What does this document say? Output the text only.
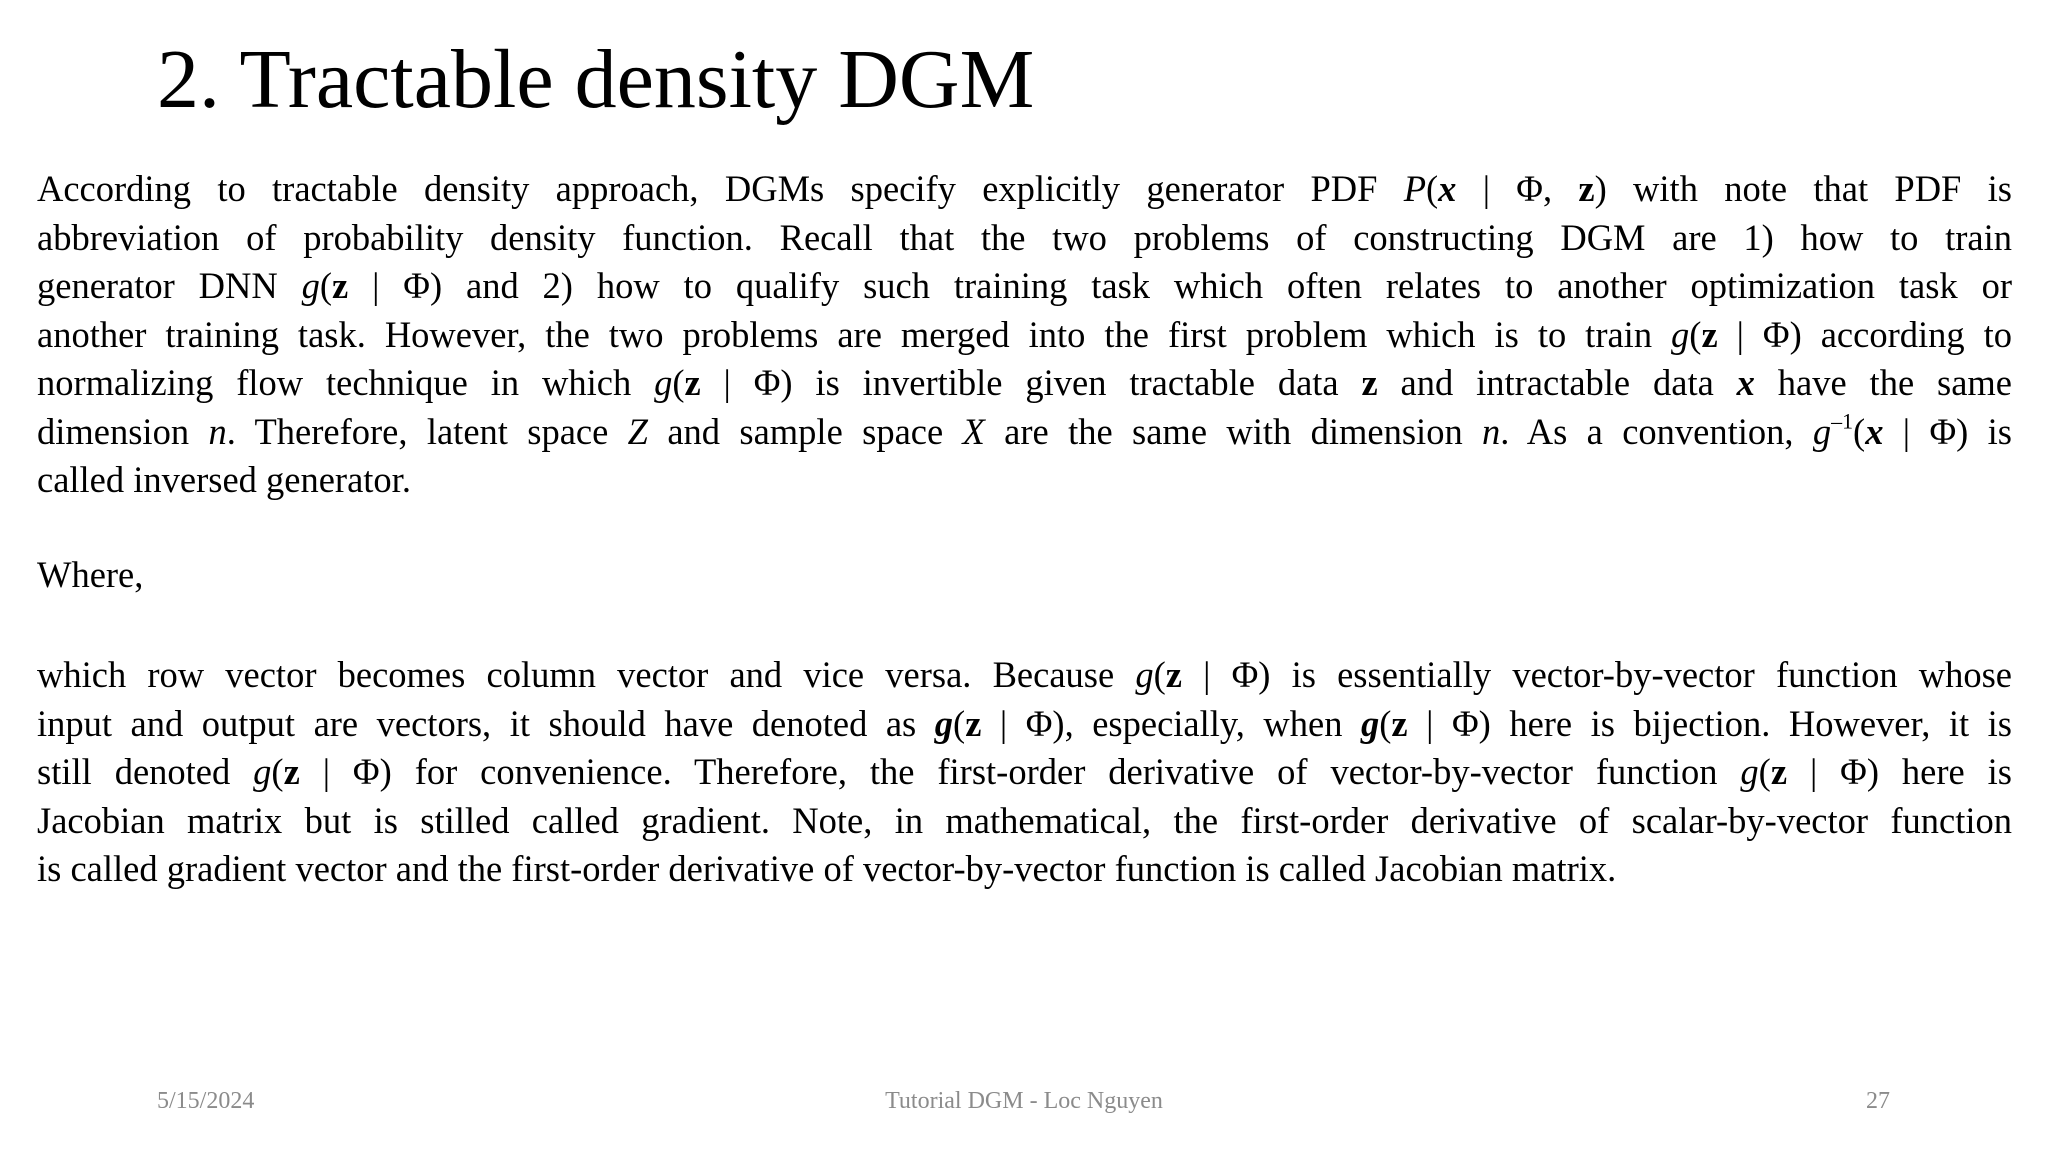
2. Tractable density DGM
According to tractable density approach, DGMs specify explicitly generator PDF P(x | Φ, z) with note that PDF is
abbreviation of probability density function. Recall that the two problems of constructing DGM are 1) how to train
generator DNN g(z | Φ) and 2) how to qualify such training task which often relates to another optimization task or
another training task. However, the two problems are merged into the first problem which is to train g(z | Φ) according to
normalizing flow technique in which g(z | Φ) is invertible given tractable data z and intractable data x have the same
dimension n. Therefore, latent space Z and sample space X are the same with dimension n. As a convention, $g^{-1}(x$ | Φ) is
called inversed generator.
Where,
which row vector becomes column vector and vice versa. Because g(z | Φ) is essentially vector-by-vector function whose
input and output are vectors, it should have denoted as g(z | Φ), especially, when g(z | Φ) here is bijection. However, it is
still denoted g(z | Φ) for convenience. Therefore, the first-order derivative of vector-by-vector function g(z | Φ) here is
Jacobian matrix but is stilled called gradient. Note, in mathematical, the first-order derivative of scalar-by-vector function
is called gradient vector and the first-order derivative of vector-by-vector function is called Jacobian matrix.
5/15/2024	Tutorial DGM - Loc Nguyen	27
